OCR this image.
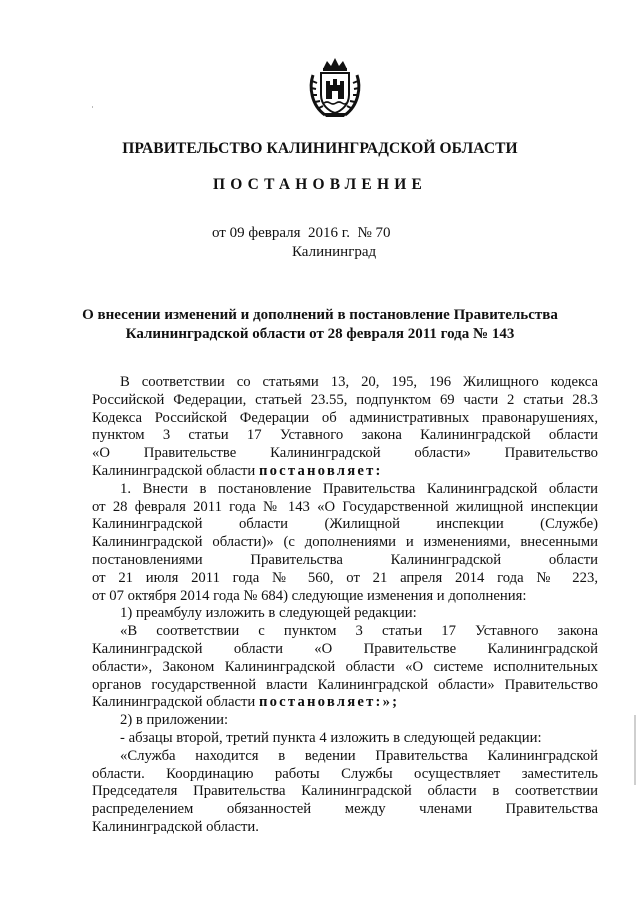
ПРАВИТЕЛЬСТВО КАЛИНИНГРАДСКОЙ ОБЛАСТИ
ПОСТАНОВЛЕНИЕ
от 09 февраля  2016 г.  № 70
Калининград
О внесении изменений и дополнений в постановление Правительства
Калининградской области от 28 февраля 2011 года № 143
В соответствии со статьями 13, 20, 195, 196 Жилищного кодекса
Российской Федерации, статьей 23.55, подпунктом 69 части 2 статьи 28.3
Кодекса Российской Федерации об административных правонарушениях,
пунктом 3 статьи 17 Уставного закона Калининградской области
«О Правительстве Калининградской области» Правительство
Калининградской области постановляет:
1. Внести в постановление Правительства Калининградской области
от 28 февраля 2011 года № 143 «О Государственной жилищной инспекции
Калининградской области (Жилищной инспекции (Службе)
Калининградской области)» (с дополнениями и изменениями, внесенными
постановлениями Правительства Калининградской области
от 21 июля 2011 года № 560, от 21 апреля 2014 года № 223,
от 07 октября 2014 года № 684) следующие изменения и дополнения:
1) преамбулу изложить в следующей редакции:
«В соответствии с пунктом 3 статьи 17 Уставного закона
Калининградской области «О Правительстве Калининградской
области», Законом Калининградской области «О системе исполнительных
органов государственной власти Калининградской области» Правительство
Калининградской области постановляет:»;
2) в приложении:
- абзацы второй, третий пункта 4 изложить в следующей редакции:
«Служба находится в ведении Правительства Калининградской
области. Координацию работы Службы осуществляет заместитель
Председателя Правительства Калининградской области в соответствии
распределением обязанностей между членами Правительства
Калининградской области.
